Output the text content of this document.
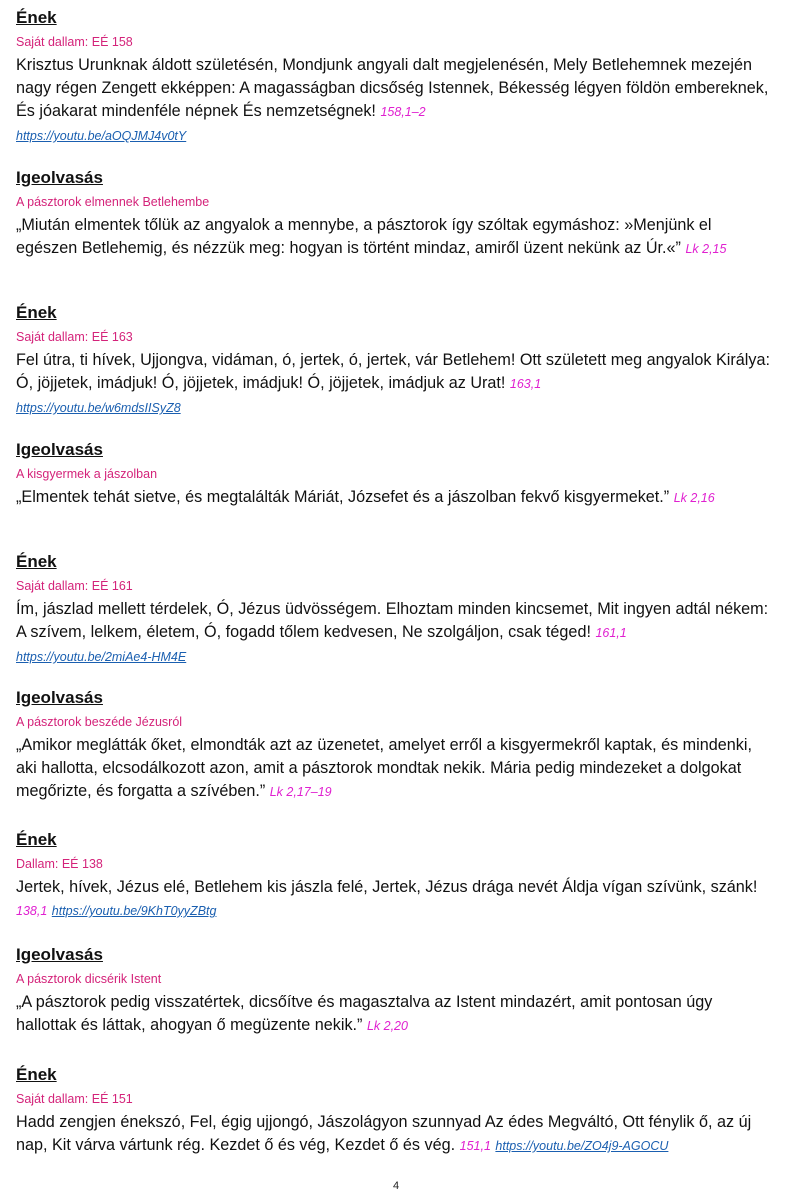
Ének
Saját dallam: EÉ 158
Krisztus Urunknak áldott születésén, Mondjunk angyali dalt megjelenésén, Mely Betlehemnek mezején nagy régen Zengett ekképpen: A magasságban dicsőség Istennek, Békesség légyen földön embereknek, És jóakarat mindenféle népnek És nemzetségnek! 158,1–2
https://youtu.be/aOQJMJ4v0tY
Igeolvasás
A pásztorok elmennek Betlehembe
„Miután elmentek tőlük az angyalok a mennybe, a pásztorok így szóltak egymáshoz: »Menjünk el egészen Betlehemig, és nézzük meg: hogyan is történt mindaz, amiről üzent nekünk az Úr.«” Lk 2,15
Ének
Saját dallam: EÉ 163
Fel útra, ti hívek, Ujjongva, vidáman, ó, jertek, ó, jertek, vár Betlehem! Ott született meg angyalok Királya: Ó, jöjjetek, imádjuk! Ó, jöjjetek, imádjuk! Ó, jöjjetek, imádjuk az Urat! 163,1
https://youtu.be/w6mdsIISyZ8
Igeolvasás
A kisgyermek a jászolban
„Elmentek tehát sietve, és megtalálták Máriát, Józsefet és a jászolban fekvő kisgyermeket.” Lk 2,16
Ének
Saját dallam: EÉ 161
Ím, jászlad mellett térdelek, Ó, Jézus üdvösségem. Elhoztam minden kincsemet, Mit ingyen adtál nékem: A szívem, lelkem, életem, Ó, fogadd tőlem kedvesen, Ne szolgáljon, csak téged! 161,1
https://youtu.be/2miAe4-HM4E
Igeolvasás
A pásztorok beszéde Jézusról
„Amikor meglátták őket, elmondták azt az üzenetet, amelyet erről a kisgyermekről kaptak, és mindenki, aki hallotta, elcsodálkozott azon, amit a pásztorok mondtak nekik. Mária pedig mindezeket a dolgokat megőrizte, és forgatta a szívében.” Lk 2,17–19
Ének
Dallam: EÉ 138
Jertek, hívek, Jézus elé, Betlehem kis jászla felé, Jertek, Jézus drága nevét Áldja vígan szívünk, szánk! 138,1 https://youtu.be/9KhT0yyZBtg
Igeolvasás
A pásztorok dicsérik Istent
„A pásztorok pedig visszatértek, dicsőítve és magasztalva az Istent mindazért, amit pontosan úgy hallottak és láttak, ahogyan ő megüzente nekik.” Lk 2,20
Ének
Saját dallam: EÉ 151
Hadd zengjen énekszó, Fel, égig ujjongó, Jászolágyon szunnyad Az édes Megváltó, Ott fénylik ő, az új nap, Kit várva vártunk rég. Kezdet ő és vég, Kezdet ő és vég. 151,1 https://youtu.be/ZO4j9-AGOCU
4
